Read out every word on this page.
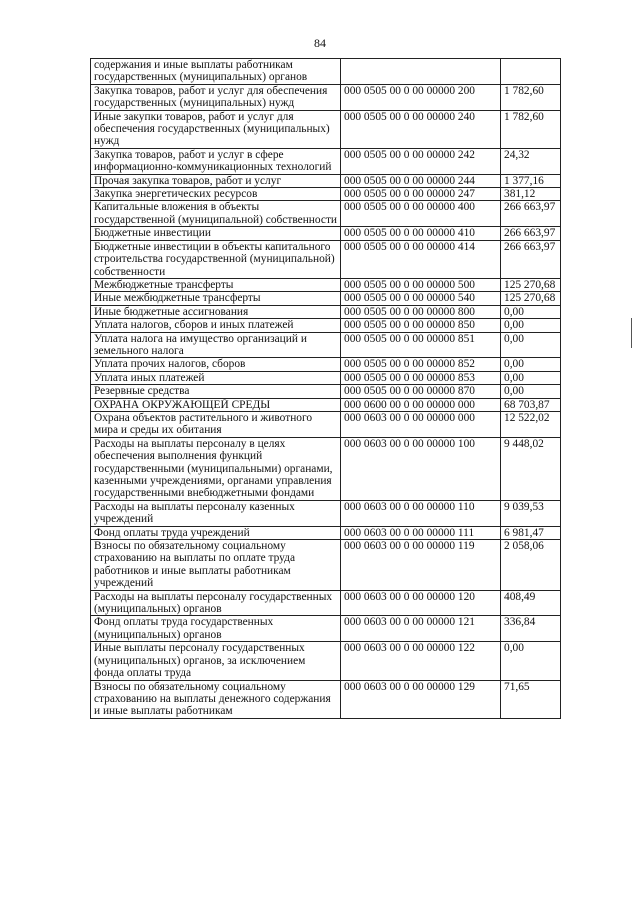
84
содержания и иные выплаты работникам государственных (муниципальных) органов		
Закупка товаров, работ и услуг для обеспечения государственных (муниципальных) нужд	000 0505 00 0 00 00000 200	1 782,60
Иные закупки товаров, работ и услуг для обеспечения государственных (муниципальных) нужд	000 0505 00 0 00 00000 240	1 782,60
Закупка товаров, работ и услуг в сфере информационно-коммуникационных технологий	000 0505 00 0 00 00000 242	24,32
Прочая закупка товаров, работ и услуг	000 0505 00 0 00 00000 244	1 377,16
Закупка энергетических ресурсов	000 0505 00 0 00 00000 247	381,12
Капитальные вложения в объекты государственной (муниципальной) собственности	000 0505 00 0 00 00000 400	266 663,97
Бюджетные инвестиции	000 0505 00 0 00 00000 410	266 663,97
Бюджетные инвестиции в объекты капитального строительства государственной (муниципальной) собственности	000 0505 00 0 00 00000 414	266 663,97
Межбюджетные трансферты	000 0505 00 0 00 00000 500	125 270,68
Иные межбюджетные трансферты	000 0505 00 0 00 00000 540	125 270,68
Иные бюджетные ассигнования	000 0505 00 0 00 00000 800	0,00
Уплата налогов, сборов и иных платежей	000 0505 00 0 00 00000 850	0,00
Уплата налога на имущество организаций и земельного налога	000 0505 00 0 00 00000 851	0,00
Уплата прочих налогов, сборов	000 0505 00 0 00 00000 852	0,00
Уплата иных платежей	000 0505 00 0 00 00000 853	0,00
Резервные средства	000 0505 00 0 00 00000 870	0,00
ОХРАНА ОКРУЖАЮЩЕЙ СРЕДЫ	000 0600 00 0 00 00000 000	68 703,87
Охрана объектов растительного и животного мира и среды их обитания	000 0603 00 0 00 00000 000	12 522,02
Расходы на выплаты персоналу в целях обеспечения выполнения функций государственными (муниципальными) органами, казенными учреждениями, органами управления государственными внебюджетными фондами	000 0603 00 0 00 00000 100	9 448,02
Расходы на выплаты персоналу казенных учреждений	000 0603 00 0 00 00000 110	9 039,53
Фонд оплаты труда учреждений	000 0603 00 0 00 00000 111	6 981,47
Взносы по обязательному социальному страхованию на выплаты по оплате труда работников и иные выплаты работникам учреждений	000 0603 00 0 00 00000 119	2 058,06
Расходы на выплаты персоналу государственных (муниципальных) органов	000 0603 00 0 00 00000 120	408,49
Фонд оплаты труда государственных (муниципальных) органов	000 0603 00 0 00 00000 121	336,84
Иные выплаты персоналу государственных (муниципальных) органов, за исключением фонда оплаты труда	000 0603 00 0 00 00000 122	0,00
Взносы по обязательному социальному страхованию на выплаты денежного содержания и иные выплаты работникам	000 0603 00 0 00 00000 129	71,65
